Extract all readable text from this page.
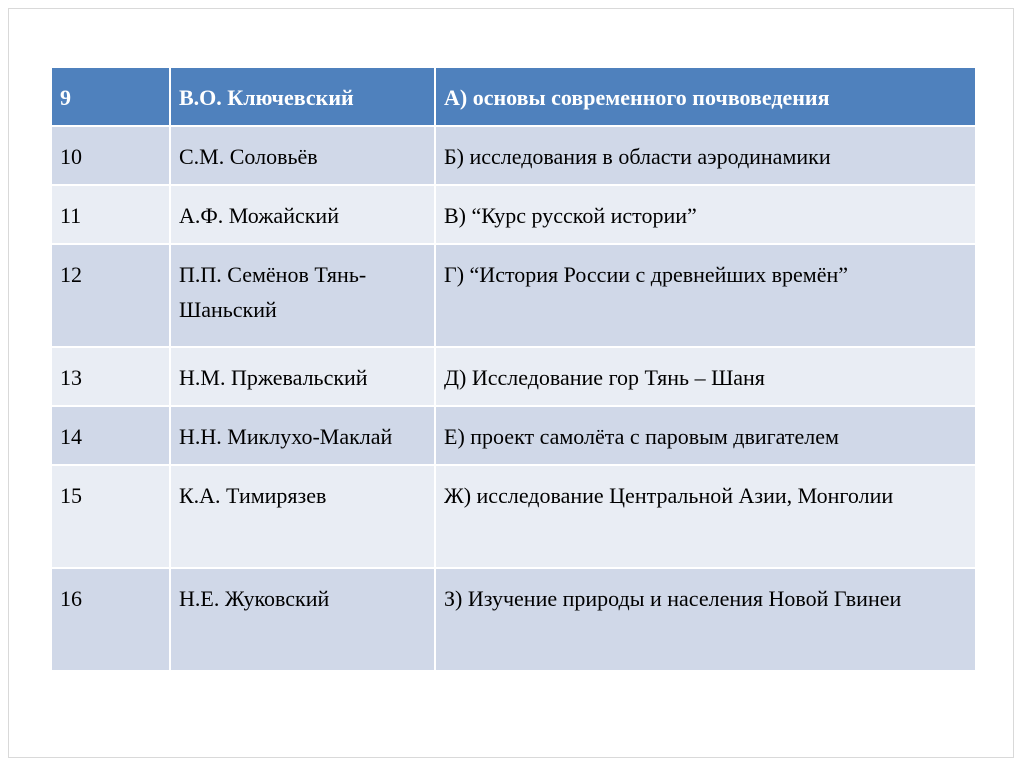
9	В.О. Ключевский	А) основы современного почвоведения
10	С.М. Соловьёв	Б) исследования в области аэродинамики
11	А.Ф. Можайский	В) “Курс русской истории”
12	П.П. Семёнов Тянь-Шаньский	Г) “История России с древнейших времён”
13	Н.М. Пржевальский	Д) Исследование гор Тянь – Шаня
14	Н.Н. Миклухо-Маклай	Е) проект самолёта с паровым двигателем
15	К.А. Тимирязев	Ж) исследование Центральной Азии, Монголии
16	Н.Е. Жуковский	З) Изучение природы и населения Новой Гвинеи
